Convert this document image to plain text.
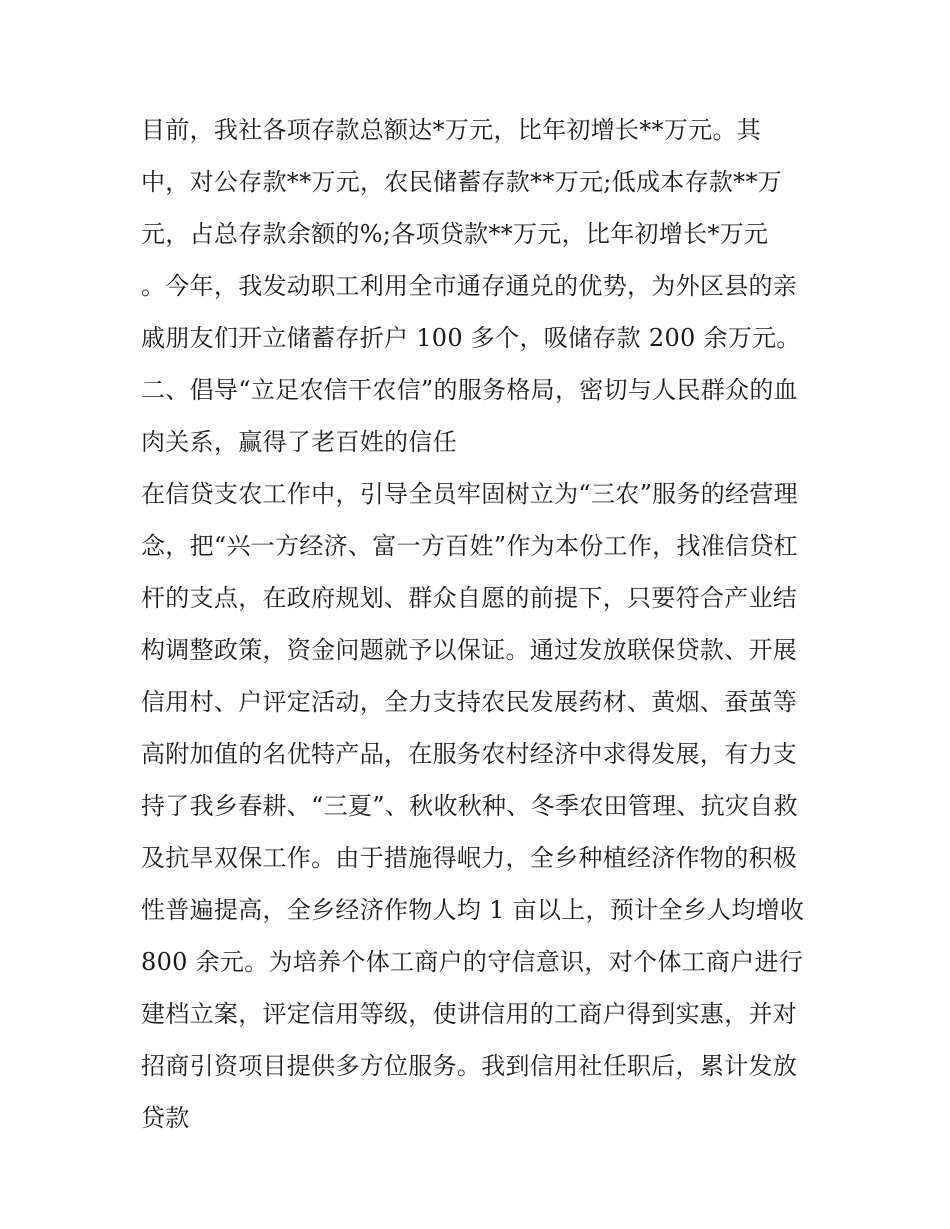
目前，我社各项存款总额达*万元，比年初增长**万元。其
中，对公存款**万元，农民储蓄存款**万元;低成本存款**万
元，占总存款余额的%;各项贷款**万元，比年初增长*万元
。今年，我发动职工利用全市通存通兑的优势，为外区县的亲
戚朋友们开立储蓄存折户 100 多个，吸储存款 200 余万元。
二、倡导“立足农信干农信”的服务格局，密切与人民群众的血
肉关系，赢得了老百姓的信任
在信贷支农工作中，引导全员牢固树立为“三农”服务的经营理
念，把“兴一方经济、富一方百姓”作为本份工作，找准信贷杠
杆的支点，在政府规划、群众自愿的前提下，只要符合产业结
构调整政策，资金问题就予以保证。通过发放联保贷款、开展
信用村、户评定活动，全力支持农民发展药材、黄烟、蚕茧等
高附加值的名优特产品，在服务农村经济中求得发展，有力支
持了我乡春耕、“三夏”、秋收秋种、冬季农田管理、抗灾自救
及抗旱双保工作。由于措施得岷力，全乡种植经济作物的积极
性普遍提高，全乡经济作物人均 1 亩以上，预计全乡人均增收
800 余元。为培养个体工商户的守信意识，对个体工商户进行
建档立案，评定信用等级，使讲信用的工商户得到实惠，并对
招商引资项目提供多方位服务。我到信用社任职后，累计发放
贷款
